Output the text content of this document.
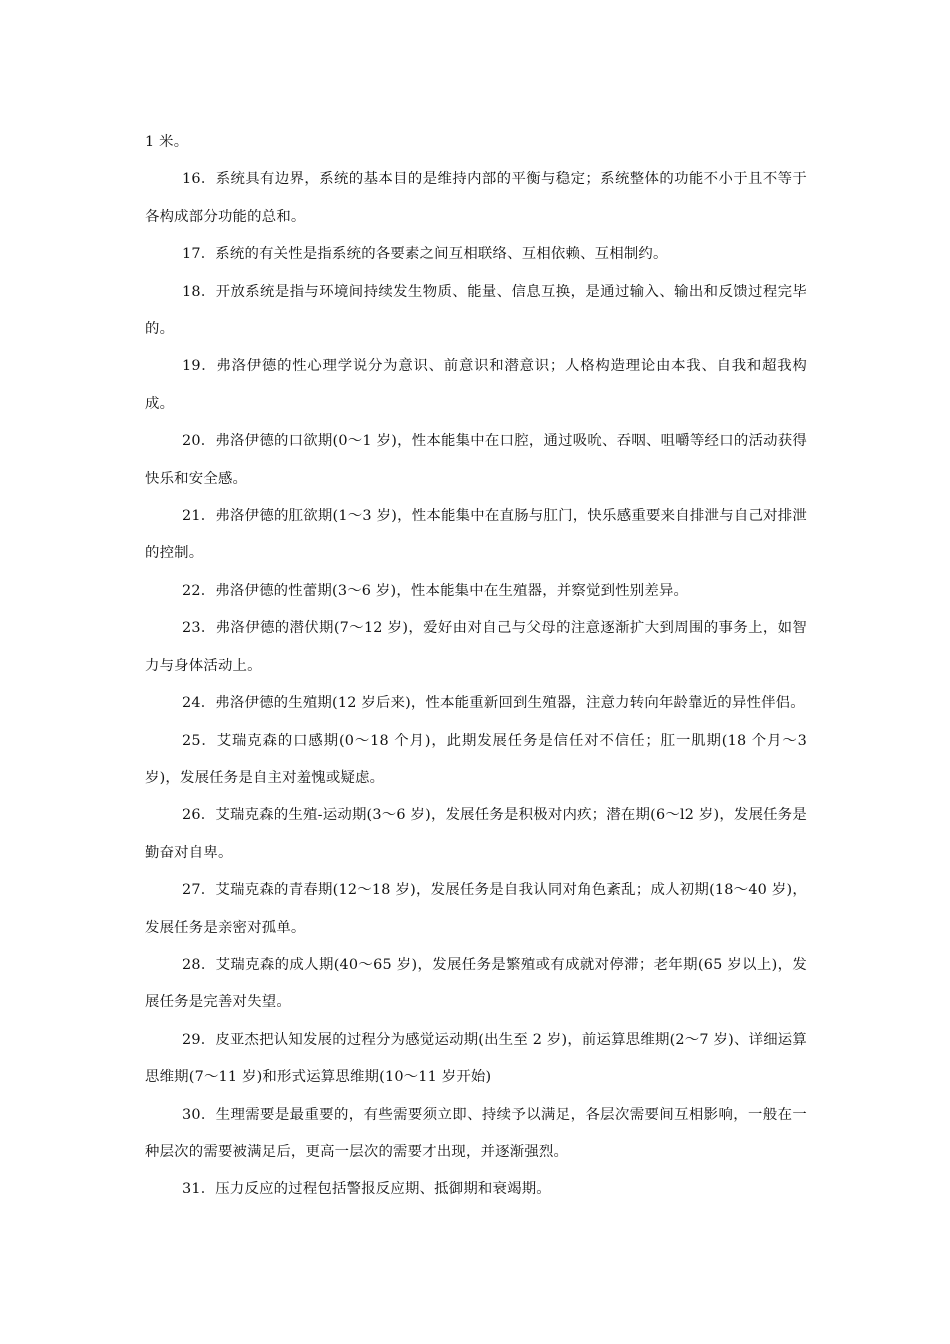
1 米。

16．系统具有边界，系统的基本目的是维持内部的平衡与稳定；系统整体的功能不小于且不等于各构成部分功能的总和。

17．系统的有关性是指系统的各要素之间互相联络、互相依赖、互相制约。

18．开放系统是指与环境间持续发生物质、能量、信息互换，是通过输入、输出和反馈过程完毕的。

19．弗洛伊德的性心理学说分为意识、前意识和潜意识；人格构造理论由本我、自我和超我构成。

20．弗洛伊德的口欲期(0～1 岁)，性本能集中在口腔，通过吸吮、吞咽、咀嚼等经口的活动获得快乐和安全感。

21．弗洛伊德的肛欲期(1～3 岁)，性本能集中在直肠与肛门，快乐感重要来自排泄与自己对排泄的控制。

22．弗洛伊德的性蕾期(3～6 岁)，性本能集中在生殖器，并察觉到性别差异。

23．弗洛伊德的潜伏期(7～12 岁)，爱好由对自己与父母的注意逐渐扩大到周围的事务上，如智力与身体活动上。

24．弗洛伊德的生殖期(12 岁后来)，性本能重新回到生殖器，注意力转向年龄靠近的异性伴侣。

25．艾瑞克森的口感期(0～18 个月)，此期发展任务是信任对不信任；肛一肌期(18 个月～3 岁)，发展任务是自主对羞愧或疑虑。

26．艾瑞克森的生殖-运动期(3～6 岁)，发展任务是积极对内疚；潜在期(6～l2 岁)，发展任务是勤奋对自卑。

27．艾瑞克森的青春期(12～18 岁)，发展任务是自我认同对角色紊乱；成人初期(18～40 岁)，发展任务是亲密对孤单。

28．艾瑞克森的成人期(40～65 岁)，发展任务是繁殖或有成就对停滞；老年期(65 岁以上)，发展任务是完善对失望。

29．皮亚杰把认知发展的过程分为感觉运动期(出生至 2 岁)，前运算思维期(2～7 岁)、详细运算思维期(7～11 岁)和形式运算思维期(10～11 岁开始)

30．生理需要是最重要的，有些需要须立即、持续予以满足，各层次需要间互相影响，一般在一种层次的需要被满足后，更高一层次的需要才出现，并逐渐强烈。

31．压力反应的过程包括警报反应期、抵御期和衰竭期。
